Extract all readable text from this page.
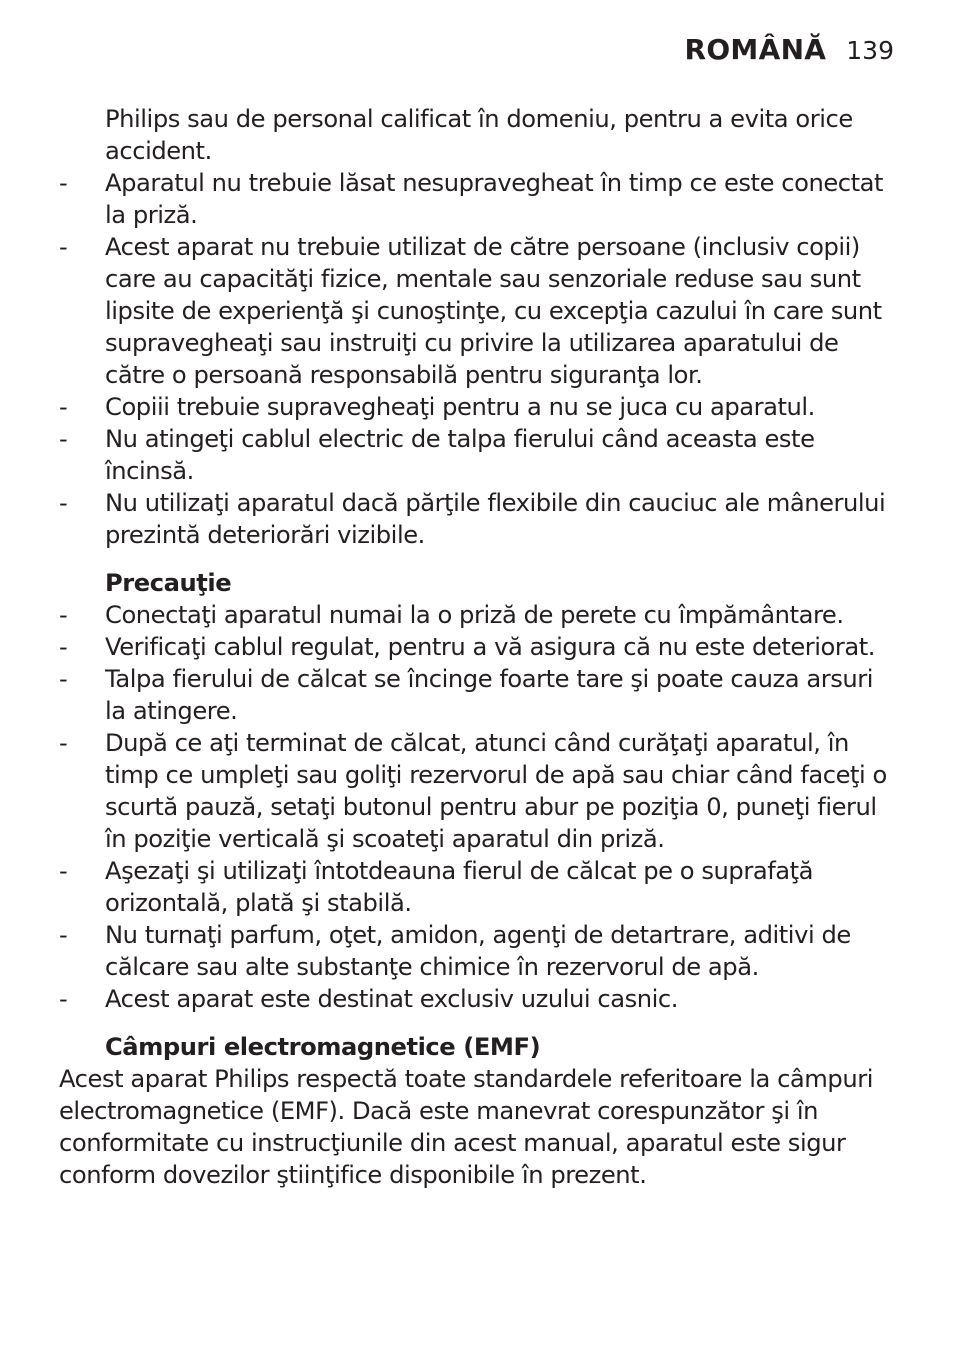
ROMÂNĂ 139
Philips sau de personal calificat în domeniu, pentru a evita orice accident.
- Aparatul nu trebuie lăsat nesupravegheat în timp ce este conectat la priză.
- Acest aparat nu trebuie utilizat de către persoane (inclusiv copii) care au capacităţi fizice, mentale sau senzoriale reduse sau sunt lipsite de experienţă şi cunoştinţe, cu excepţia cazului în care sunt supravegheaţi sau instruiţi cu privire la utilizarea aparatului de către o persoană responsabilă pentru siguranţa lor.
- Copiii trebuie supravegheaţi pentru a nu se juca cu aparatul.
- Nu atingeţi cablul electric de talpa fierului când aceasta este încinsă.
- Nu utilizaţi aparatul dacă părţile flexibile din cauciuc ale mânerului prezintă deteriorări vizibile.
Precauţie
- Conectaţi aparatul numai la o priză de perete cu împământare.
- Verificaţi cablul regulat, pentru a vă asigura că nu este deteriorat.
- Talpa fierului de călcat se încinge foarte tare şi poate cauza arsuri la atingere.
- După ce aţi terminat de călcat, atunci când curăţaţi aparatul, în timp ce umpleţi sau goliţi rezervorul de apă sau chiar când faceţi o scurtă pauză, setaţi butonul pentru abur pe poziţia 0, puneţi fierul în poziţie verticală şi scoateţi aparatul din priză.
- Aşezaţi şi utilizaţi întotdeauna fierul de călcat pe o suprafaţă orizontală, plată şi stabilă.
- Nu turnaţi parfum, oţet, amidon, agenţi de detartrare, aditivi de călcare sau alte substanţe chimice în rezervorul de apă.
- Acest aparat este destinat exclusiv uzului casnic.
Câmpuri electromagnetice (EMF)

Acest aparat Philips respectă toate standardele referitoare la câmpuri electromagnetice (EMF). Dacă este manevrat corespunzător şi în conformitate cu instrucţiunile din acest manual, aparatul este sigur conform dovezilor ştiinţifice disponibile în prezent.
